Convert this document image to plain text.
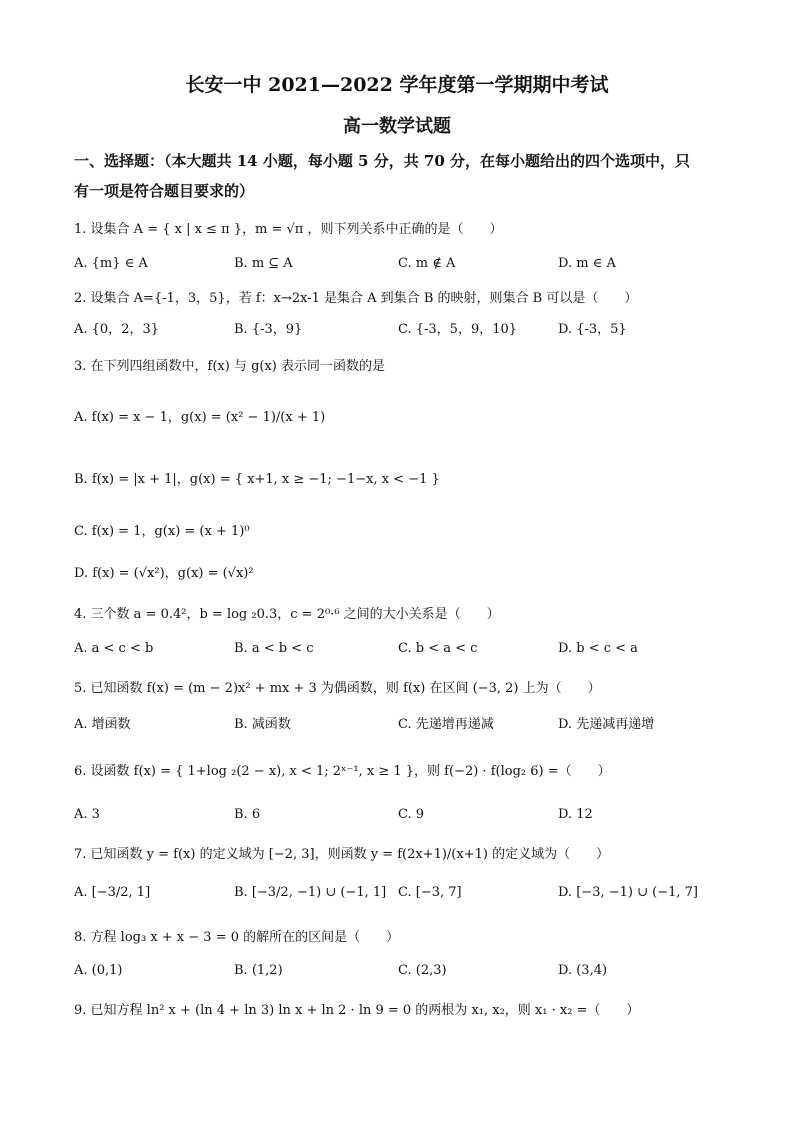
长安一中 2021—2022 学年度第一学期期中考试
高一数学试题
一、选择题：（本大题共 14 小题，每小题 5 分，共 70 分，在每小题给出的四个选项中，只
有一项是符合题目要求的）
1. 设集合 A = { x | x ≤ π }，m = √π ，则下列关系中正确的是（　　）
A. {m} ∈ A	B. m ⊆ A	C. m ∉ A	D. m ∈ A
2. 设集合 A={-1，3，5}，若 f：x→2x-1 是集合 A 到集合 B 的映射，则集合 B 可以是（　　）
A. {0，2，3}	B. {-3，9}	C. {-3，5，9，10}	D. {-3，5}
3. 在下列四组函数中，f(x) 与 g(x) 表示同一函数的是
A. f(x) = x − 1，g(x) = (x² − 1)/(x + 1)
B. f(x) = |x + 1|，g(x) = { x+1, x ≥ −1; −1−x, x < −1 }
C. f(x) = 1，g(x) = (x + 1)⁰
D. f(x) = (√x²)，g(x) = (√x)²
4. 三个数 a = 0.4²，b = log ₂0.3，c = 2⁰·⁶ 之间的大小关系是（　　）
A. a < c < b	B. a < b < c	C. b < a < c	D. b < c < a
5. 已知函数 f(x) = (m − 2)x² + mx + 3 为偶函数，则 f(x) 在区间 (−3, 2) 上为（　　）
A. 增函数	B. 减函数	C. 先递增再递减	D. 先递减再递增
6. 设函数 f(x) = { 1+log ₂(2 − x), x < 1; 2ˣ⁻¹, x ≥ 1 }，则 f(−2) · f(log₂ 6) =（　　）
A. 3	B. 6	C. 9	D. 12
7. 已知函数 y = f(x) 的定义域为 [−2, 3]，则函数 y = f(2x+1)/(x+1) 的定义域为（　　）
A. [−3/2, 1]	B. [−3/2, −1) ∪ (−1, 1] C. [−3, 7]	D. [−3, −1) ∪ (−1, 7]
8. 方程 log₃ x + x − 3 = 0 的解所在的区间是（　　）
A. (0,1)	B. (1,2)	C. (2,3)	D. (3,4)
9. 已知方程 ln² x + (ln 4 + ln 3) ln x + ln 2 · ln 9 = 0 的两根为 x₁, x₂，则 x₁ · x₂ =（　　）
